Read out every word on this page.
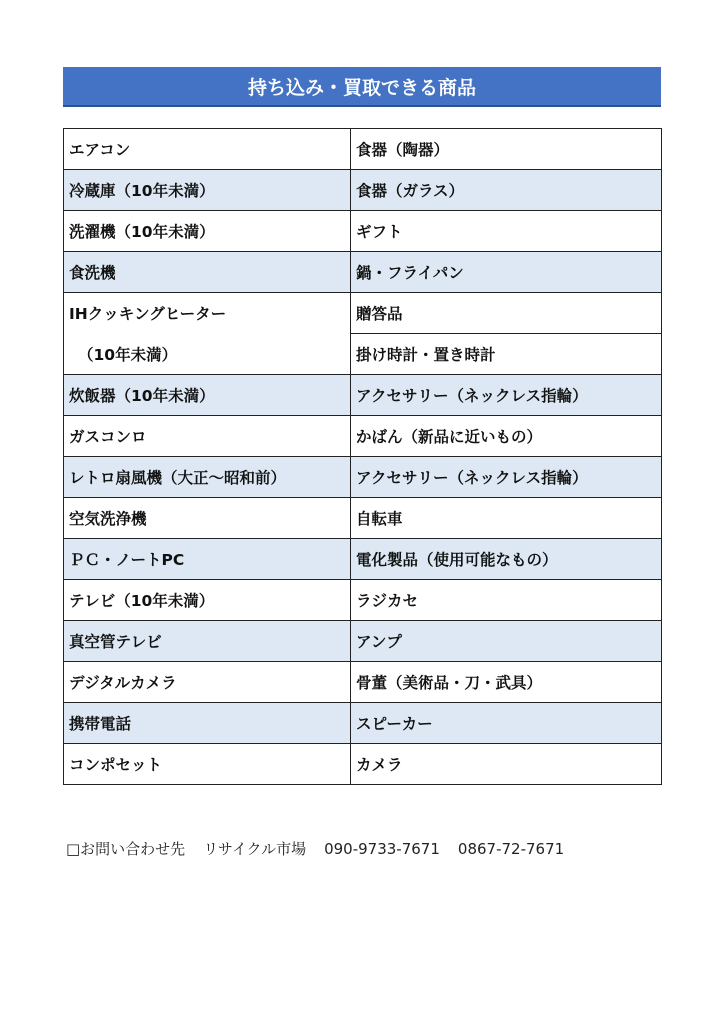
持ち込み・買取できる商品
エアコン	食器（陶器）
冷蔵庫（10年未満）	食器（ガラス）
洗濯機（10年未満）	ギフト
食洗機	鍋・フライパン
IHクッキングヒーター	贈答品
（10年未満）	掛け時計・置き時計
炊飯器（10年未満）	アクセサリー（ネックレス指輪）
ガスコンロ	かばん（新品に近いもの）
レトロ扇風機（大正～昭和前）	アクセサリー（ネックレス指輪）
空気洗浄機	自転車
ＰＣ・ノートPC	電化製品（使用可能なもの）
テレビ（10年未満）	ラジカセ
真空管テレビ	アンプ
デジタルカメラ	骨董（美術品・刀・武具）
携帯電話	スピーカー
コンポセット	カメラ
□お問い合わせ先 リサイクル市場 090-9733-7671 0867-72-7671
